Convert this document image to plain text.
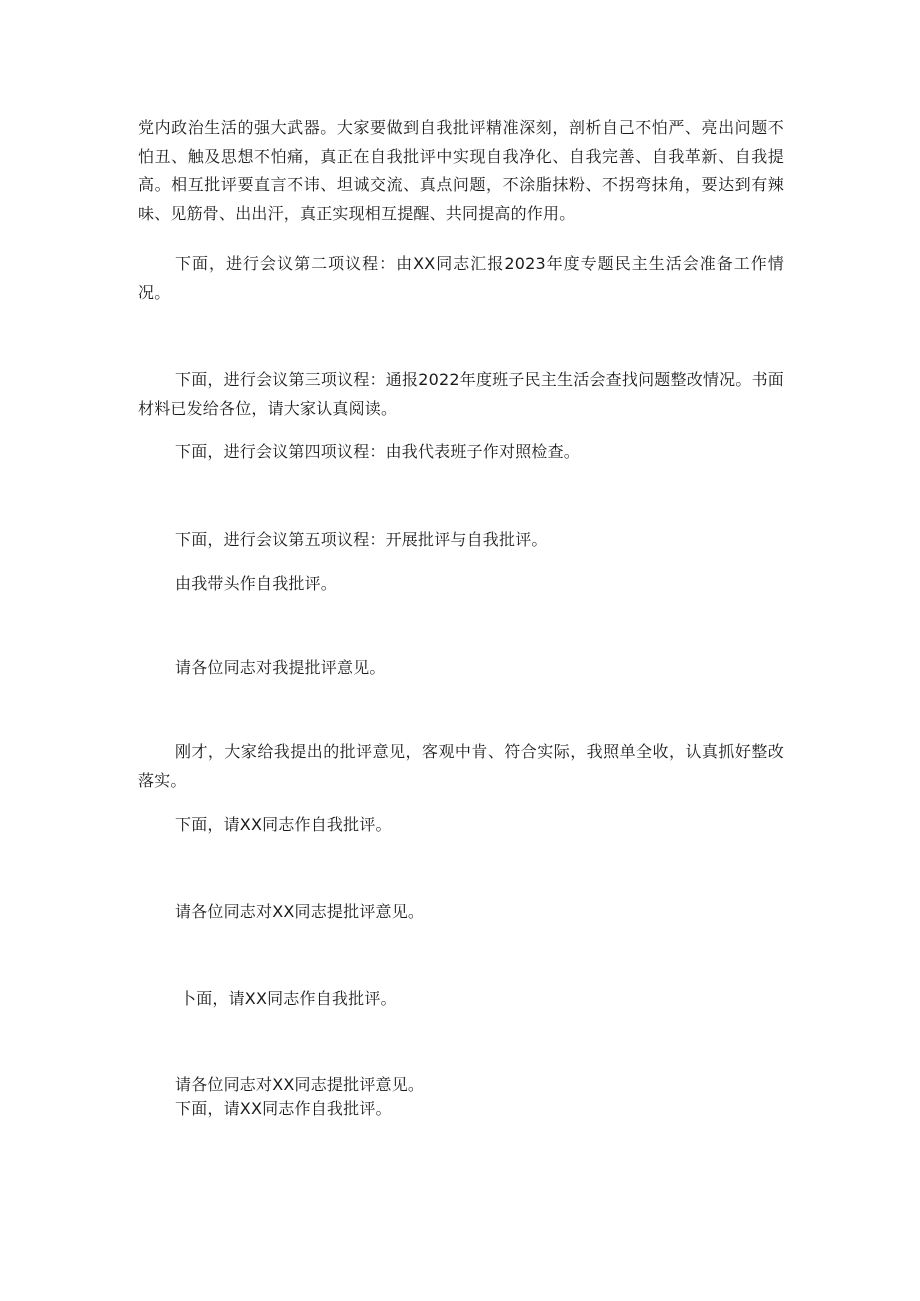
党内政治生活的强大武器。大家要做到自我批评精准深刻，剖析自己不怕严、亮出问题不怕丑、触及思想不怕痛，真正在自我批评中实现自我净化、自我完善、自我革新、自我提高。相互批评要直言不讳、坦诚交流、真点问题，不涂脂抹粉、不拐弯抹角，要达到有辣味、见筋骨、出出汗，真正实现相互提醒、共同提高的作用。

下面，进行会议第二项议程：由XX同志汇报2023年度专题民主生活会准备工作情况。

下面，进行会议第三项议程：通报2022年度班子民主生活会查找问题整改情况。书面材料已发给各位，请大家认真阅读。

下面，进行会议第四项议程：由我代表班子作对照检查。

下面，进行会议第五项议程：开展批评与自我批评。

由我带头作自我批评。

请各位同志对我提批评意见。

刚才，大家给我提出的批评意见，客观中肯、符合实际，我照单全收，认真抓好整改落实。

下面，请XX同志作自我批评。

请各位同志对XX同志提批评意见。

卜面，请XX同志作自我批评。

请各位同志对XX同志提批评意见。

下面，请XX同志作自我批评。
